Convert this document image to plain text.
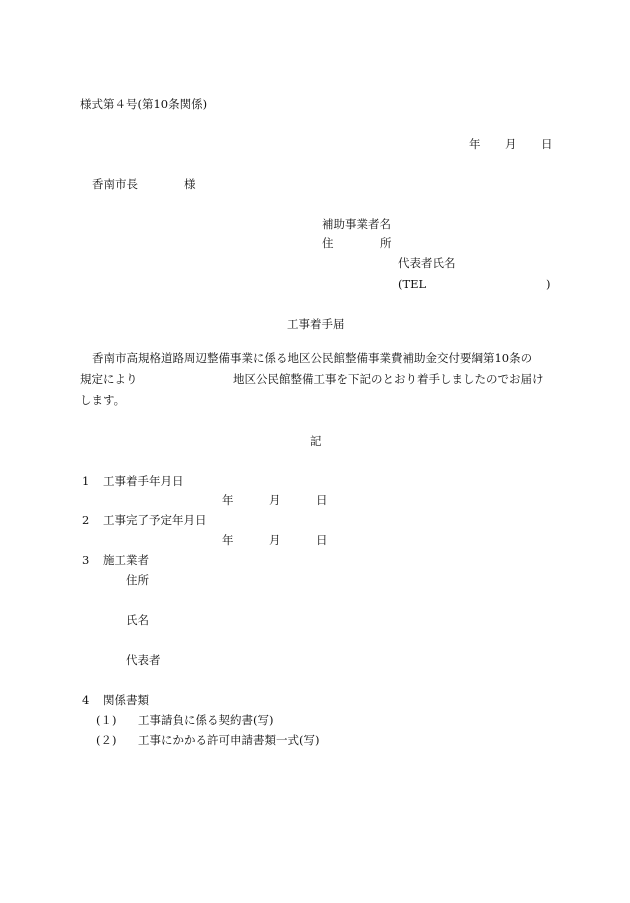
様式第４号(第10条関係)
年 月 日
香南市長	様
補助事業者名
住	所
代表者氏名
(TEL	)
工事着手届
香南市高規格道路周辺整備事業に係る地区公民館整備事業費補助金交付要綱第10条の
規定により	地区公民館整備工事を下記のとおり着手しましたのでお届け
します。
記
1 工事着手年月日
年	月	日
2 工事完了予定年月日
年	月	日
3 施工業者
住所
氏名
代表者
4 関係書類
(１) 工事請負に係る契約書(写)
(２) 工事にかかる許可申請書類一式(写)
